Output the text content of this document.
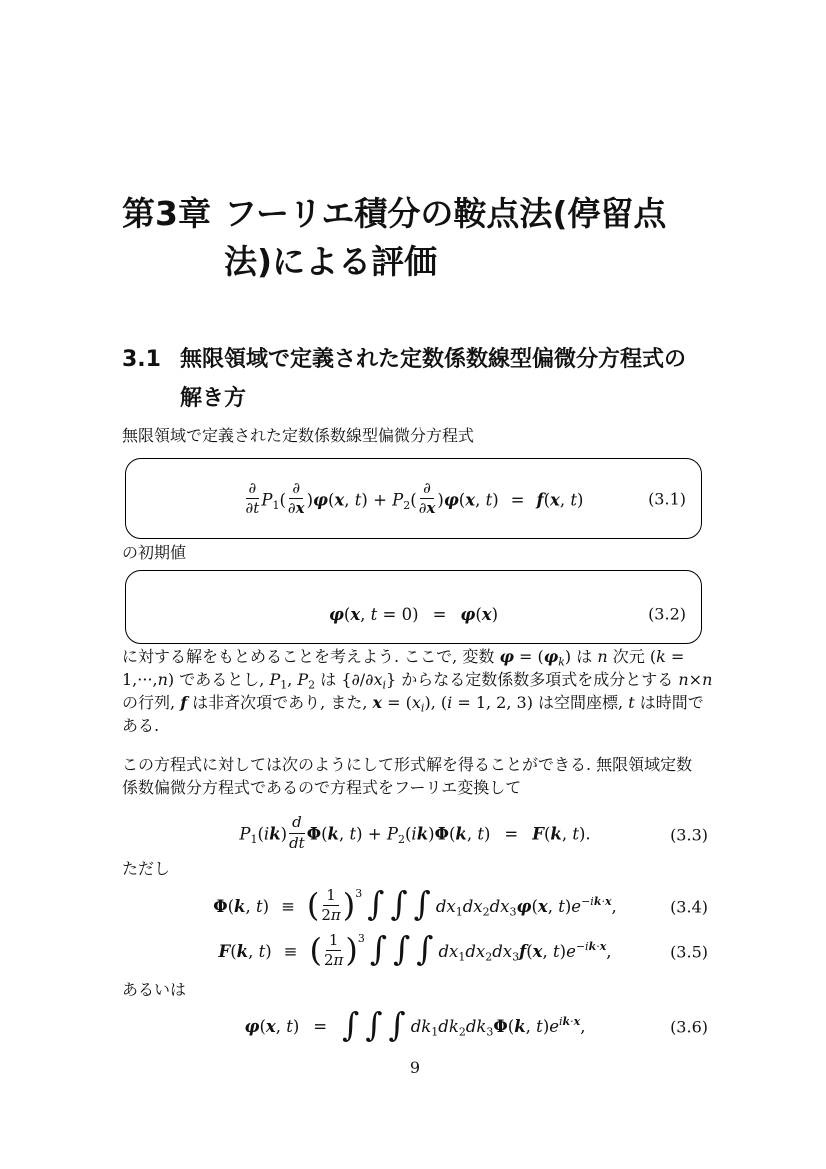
第3章 フーリエ積分の鞍点法(停留点
法)による評価
3.1 無限領域で定義された定数係数線型偏微分方程式の
解き方
無限領域で定義された定数係数線型偏微分方程式
$\frac{\partial}{\partial t} P_1( \frac{\partial}{\partial x} )\varphi(x$, $t) + P_2( \frac{\partial}{\partial x} )\varphi(x$, t) = f(x, t)	(3.1)
の初期値
φ(x, t = 0) = φ(x)	(3.2)
に対する解をもとめることを考えよう. ここで, 変数 $\varphi = (\varphi_k)$ は n 次元 (k =
1,···,n) であるとし, $P_1$, $P_2$ は $\{\partial/\partial x_i\}$ からなる定数係数多項式を成分とする n×n
の行列, f は非斉次項であり, また, $x = (x_i)$, (i = 1, 2, 3) は空間座標, t は時間で
ある.
この方程式に対しては次のようにして形式解を得ることができる. 無限領域定数
係数偏微分方程式であるので方程式をフーリエ変換して
$P_1(ik) \frac{d}{dt} \Phi(k$, $t) + P_2(ik)\Phi(k$, t) = F(k, t).	(3.3)
ただし
Φ(k, t) ≡ ( $\frac{1}{2\pi} )^3$ ∫ ∫ ∫ $dx_1dx_2dx_3\varphi(x$, $t)e^{-ik\cdot x}$,	(3.4)
F(k, t) ≡ ( $\frac{1}{2\pi} )^3$ ∫ ∫ ∫ $dx_1dx_2dx_3f(x$, $t)e^{-ik\cdot x}$,	(3.5)
あるいは
φ(x, t) = ∫ ∫ ∫ $dk_1dk_2dk_3\Phi(k$, $t)e^{ik\cdot x}$,	(3.6)
9
